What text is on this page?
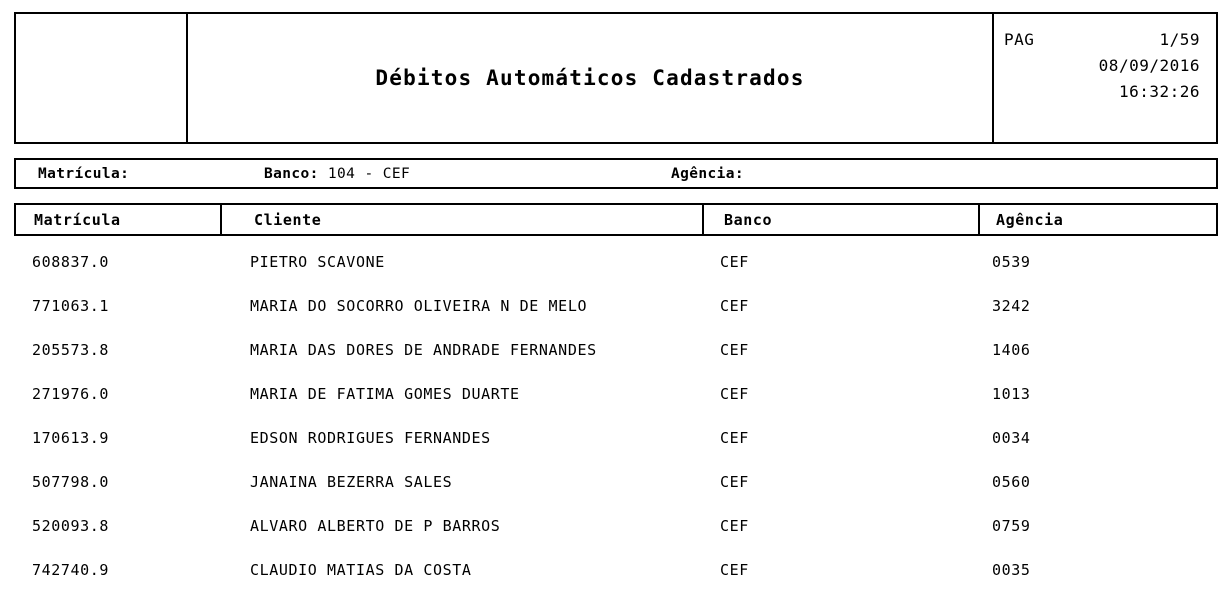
Débitos Automáticos Cadastrados
PAG	1/59
08/09/2016
16:32:26
Matrícula:	Banco: 104 - CEF	Agência:
Matrícula	Cliente	Banco	Agência
608837.0	PIETRO SCAVONE	CEF	0539
771063.1	MARIA DO SOCORRO OLIVEIRA N DE MELO	CEF	3242
205573.8	MARIA DAS DORES DE ANDRADE FERNANDES	CEF	1406
271976.0	MARIA DE FATIMA GOMES DUARTE	CEF	1013
170613.9	EDSON RODRIGUES FERNANDES	CEF	0034
507798.0	JANAINA BEZERRA SALES	CEF	0560
520093.8	ALVARO ALBERTO DE P BARROS	CEF	0759
742740.9	CLAUDIO MATIAS DA COSTA	CEF	0035
